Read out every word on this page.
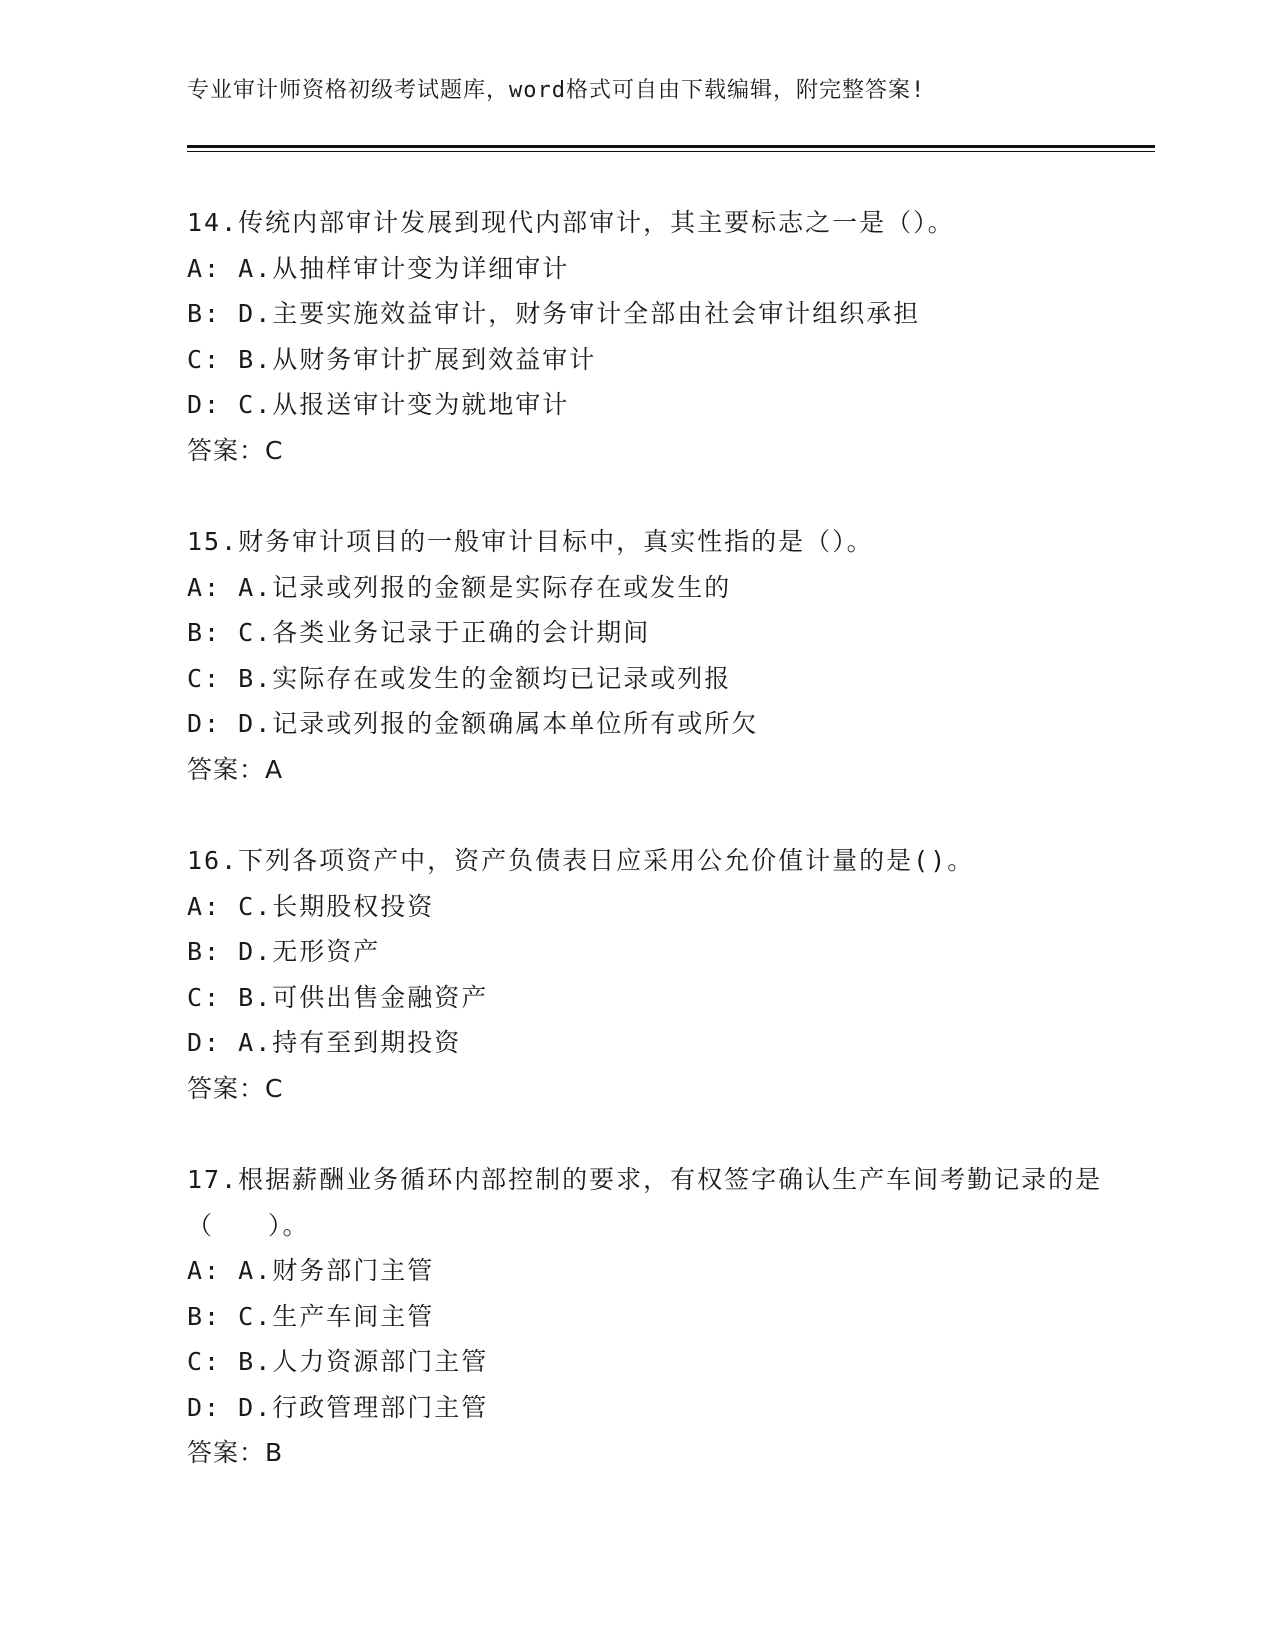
专业审计师资格初级考试题库，word格式可自由下载编辑，附完整答案!
14.传统内部审计发展到现代内部审计，其主要标志之一是（）。
A: A.从抽样审计变为详细审计
B: D.主要实施效益审计，财务审计全部由社会审计组织承担
C: B.从财务审计扩展到效益审计
D: C.从报送审计变为就地审计
答案：C
15.财务审计项目的一般审计目标中，真实性指的是（）。
A: A.记录或列报的金额是实际存在或发生的
B: C.各类业务记录于正确的会计期间
C: B.实际存在或发生的金额均已记录或列报
D: D.记录或列报的金额确属本单位所有或所欠
答案：A
16.下列各项资产中，资产负债表日应采用公允价值计量的是()。
A: C.长期股权投资
B: D.无形资产
C: B.可供出售金融资产
D: A.持有至到期投资
答案：C
17.根据薪酬业务循环内部控制的要求，有权签字确认生产车间考勤记录的是（　　）。
A: A.财务部门主管
B: C.生产车间主管
C: B.人力资源部门主管
D: D.行政管理部门主管
答案：B
